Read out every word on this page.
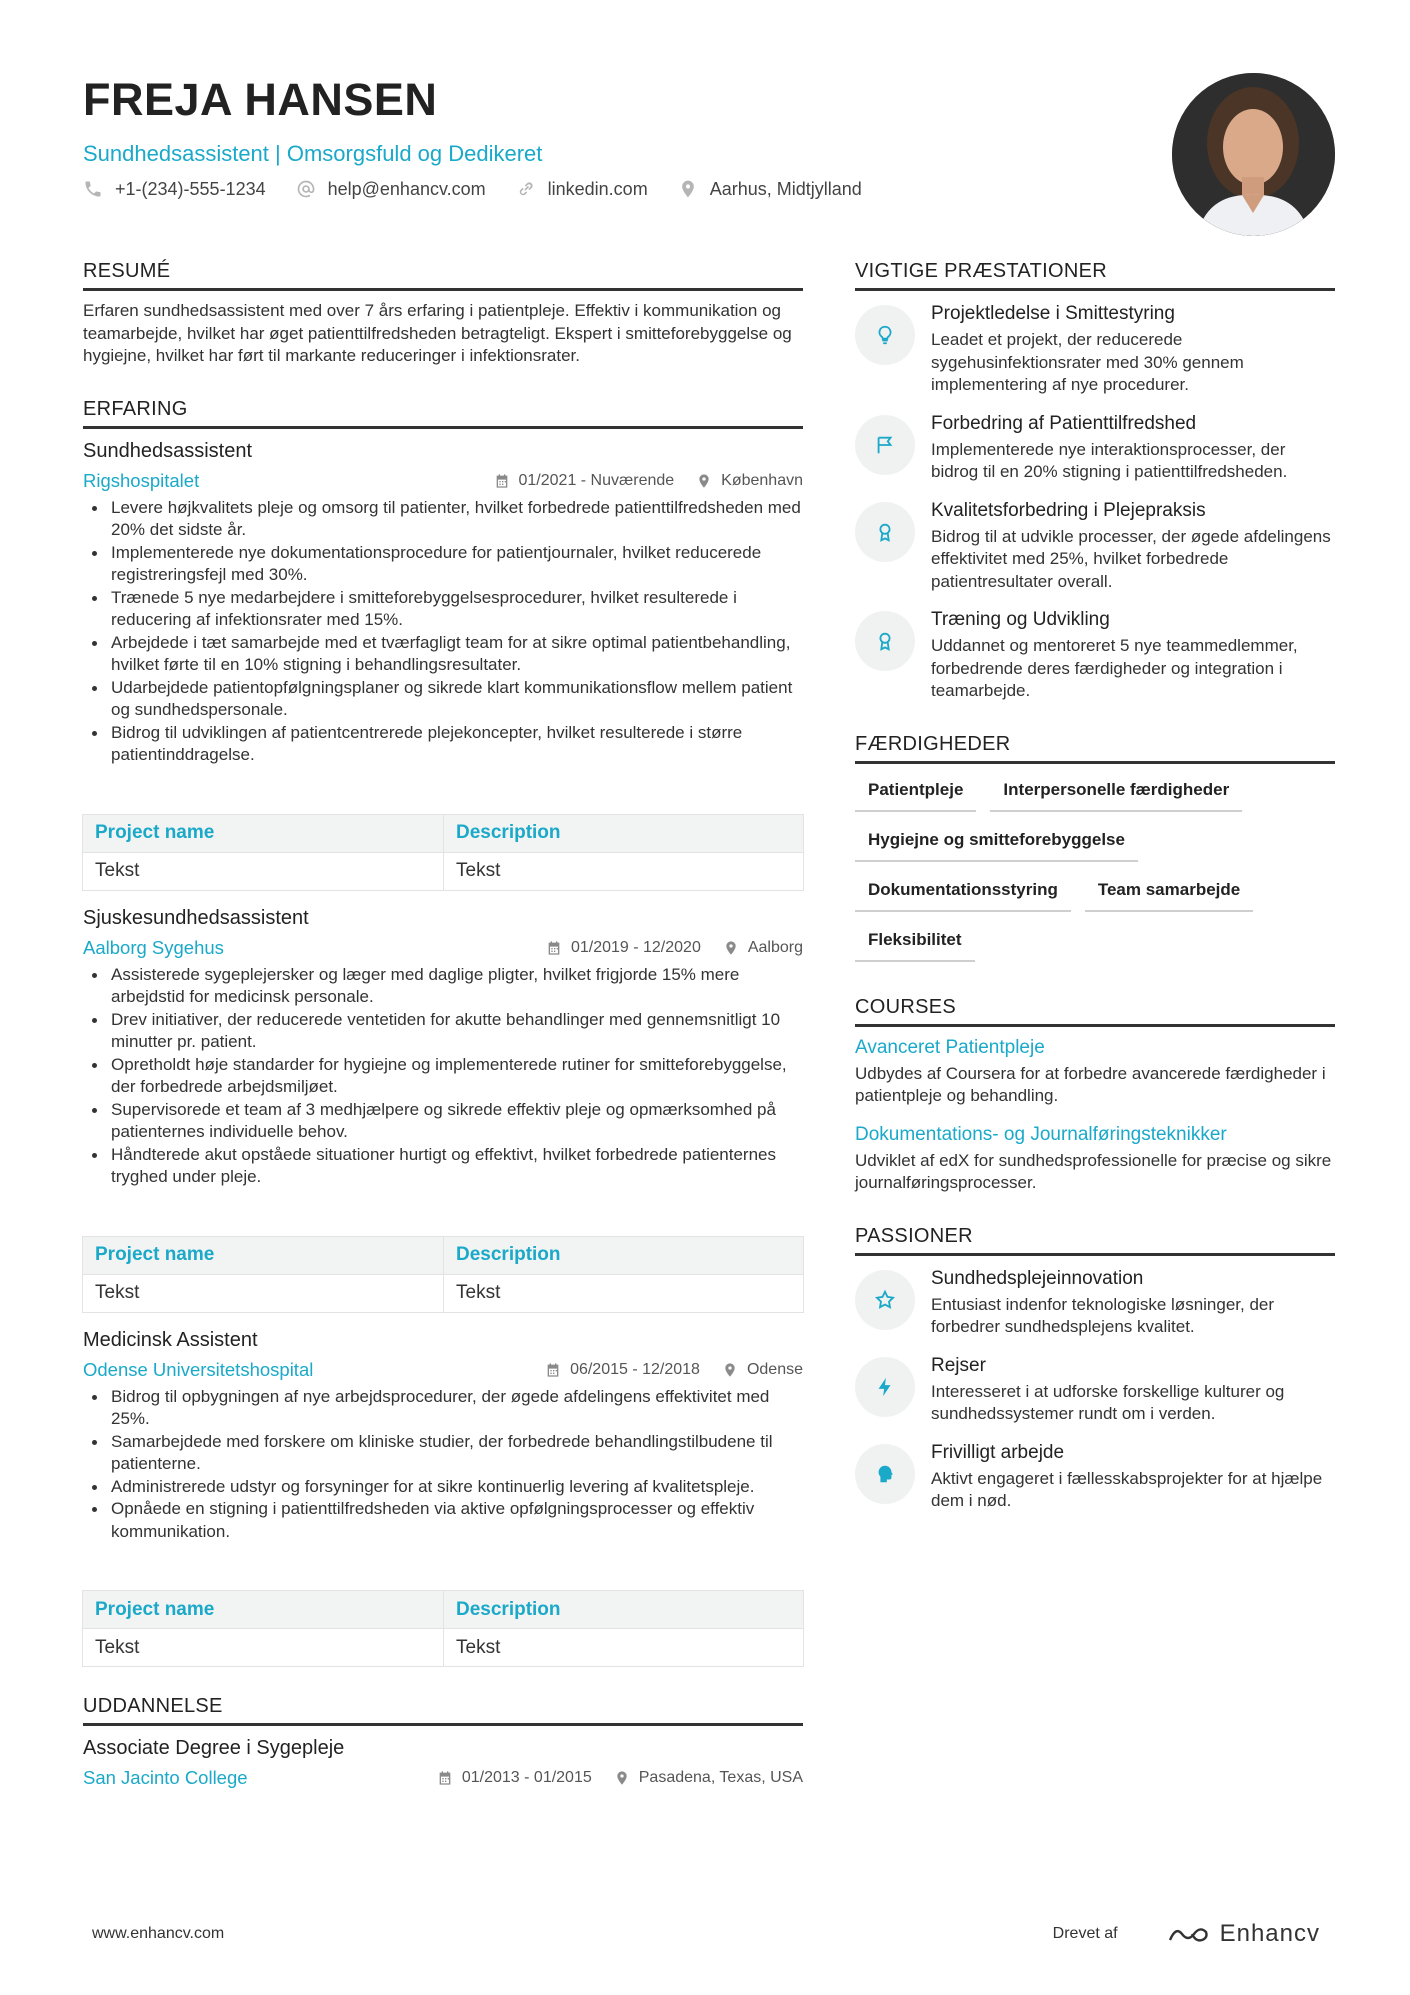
FREJA HANSEN
Sundhedsassistent | Omsorgsfuld og Dedikeret
+1-(234)-555-1234	help@enhancv.com	linkedin.com	Aarhus, Midtjylland
RESUMÉ
Erfaren sundhedsassistent med over 7 års erfaring i patientpleje. Effektiv i kommunikation og teamarbejde, hvilket har øget patienttilfredsheden betragteligt. Ekspert i smitteforebyggelse og hygiejne, hvilket har ført til markante reduceringer i infektionsrater.
ERFARING
Sundhedsassistent
Rigshospitalet	01/2021 - Nuværende	København
Levere højkvalitets pleje og omsorg til patienter, hvilket forbedrede patienttilfredsheden med 20% det sidste år.
Implementerede nye dokumentationsprocedure for patientjournaler, hvilket reducerede registreringsfejl med 30%.
Trænede 5 nye medarbejdere i smitteforebyggelsesprocedurer, hvilket resulterede i reducering af infektionsrater med 15%.
Arbejdede i tæt samarbejde med et tværfagligt team for at sikre optimal patientbehandling, hvilket førte til en 10% stigning i behandlingsresultater.
Udarbejdede patientopfølgningsplaner og sikrede klart kommunikationsflow mellem patient og sundhedspersonale.
Bidrog til udviklingen af patientcentrerede plejekoncepter, hvilket resulterede i større patientinddragelse.
Project name	Description
Tekst	Tekst
Sjuskesundhedsassistent
Aalborg Sygehus	01/2019 - 12/2020	Aalborg
Assisterede sygeplejersker og læger med daglige pligter, hvilket frigjorde 15% mere arbejdstid for medicinsk personale.
Drev initiativer, der reducerede ventetiden for akutte behandlinger med gennemsnitligt 10 minutter pr. patient.
Opretholdt høje standarder for hygiejne og implementerede rutiner for smitteforebyggelse, der forbedrede arbejdsmiljøet.
Supervisorede et team af 3 medhjælpere og sikrede effektiv pleje og opmærksomhed på patienternes individuelle behov.
Håndterede akut opståede situationer hurtigt og effektivt, hvilket forbedrede patienternes tryghed under pleje.
Project name	Description
Tekst	Tekst
Medicinsk Assistent
Odense Universitetshospital	06/2015 - 12/2018	Odense
Bidrog til opbygningen af nye arbejdsprocedurer, der øgede afdelingens effektivitet med 25%.
Samarbejdede med forskere om kliniske studier, der forbedrede behandlingstilbudene til patienterne.
Administrerede udstyr og forsyninger for at sikre kontinuerlig levering af kvalitetspleje.
Opnåede en stigning i patienttilfredsheden via aktive opfølgningsprocesser og effektiv kommunikation.
Project name	Description
Tekst	Tekst
UDDANNELSE
Associate Degree i Sygepleje
San Jacinto College	01/2013 - 01/2015	Pasadena, Texas, USA
VIGTIGE PRÆSTATIONER
Projektledelse i Smittestyring
Leadet et projekt, der reducerede sygehusinfektionsrater med 30% gennem implementering af nye procedurer.
Forbedring af Patienttilfredshed
Implementerede nye interaktionsprocesser, der bidrog til en 20% stigning i patienttilfredsheden.
Kvalitetsforbedring i Plejepraksis
Bidrog til at udvikle processer, der øgede afdelingens effektivitet med 25%, hvilket forbedrede patientresultater overall.
Træning og Udvikling
Uddannet og mentoreret 5 nye teammedlemmer, forbedrende deres færdigheder og integration i teamarbejde.
FÆRDIGHEDER
Patientpleje	Interpersonelle færdigheder
Hygiejne og smitteforebyggelse
Dokumentationsstyring	Team samarbejde
Fleksibilitet
COURSES
Avanceret Patientpleje
Udbydes af Coursera for at forbedre avancerede færdigheder i patientpleje og behandling.
Dokumentations- og Journalføringsteknikker
Udviklet af edX for sundhedsprofessionelle for præcise og sikre journalføringsprocesser.
PASSIONER
Sundhedsplejeinnovation
Entusiast indenfor teknologiske løsninger, der forbedrer sundhedsplejens kvalitet.
Rejser
Interesseret i at udforske forskellige kulturer og sundhedssystemer rundt om i verden.
Frivilligt arbejde
Aktivt engageret i fællesskabsprojekter for at hjælpe dem i nød.
www.enhancv.com	Drevet af	Enhancv
